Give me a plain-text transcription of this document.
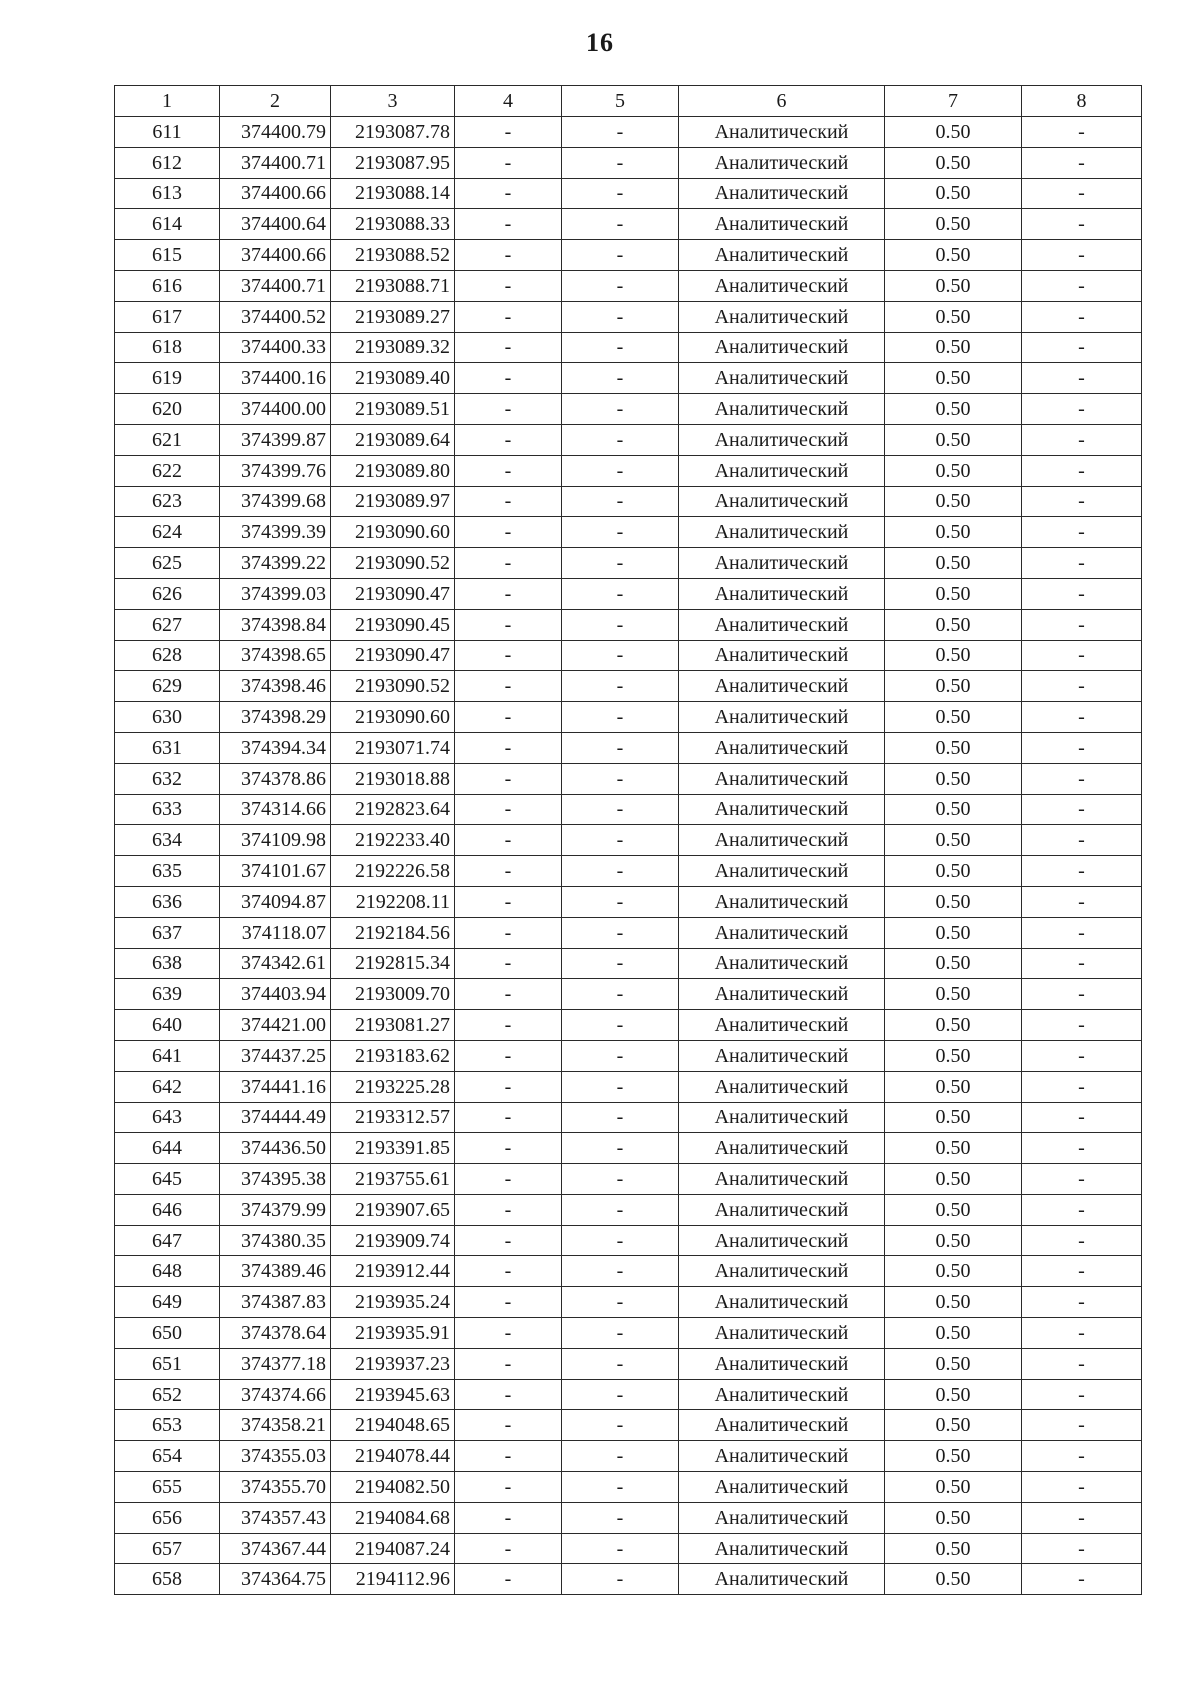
16
1	2	3	4	5	6	7	8
611	374400.79	2193087.78	-	-	Аналитический	0.50	-
612	374400.71	2193087.95	-	-	Аналитический	0.50	-
613	374400.66	2193088.14	-	-	Аналитический	0.50	-
614	374400.64	2193088.33	-	-	Аналитический	0.50	-
615	374400.66	2193088.52	-	-	Аналитический	0.50	-
616	374400.71	2193088.71	-	-	Аналитический	0.50	-
617	374400.52	2193089.27	-	-	Аналитический	0.50	-
618	374400.33	2193089.32	-	-	Аналитический	0.50	-
619	374400.16	2193089.40	-	-	Аналитический	0.50	-
620	374400.00	2193089.51	-	-	Аналитический	0.50	-
621	374399.87	2193089.64	-	-	Аналитический	0.50	-
622	374399.76	2193089.80	-	-	Аналитический	0.50	-
623	374399.68	2193089.97	-	-	Аналитический	0.50	-
624	374399.39	2193090.60	-	-	Аналитический	0.50	-
625	374399.22	2193090.52	-	-	Аналитический	0.50	-
626	374399.03	2193090.47	-	-	Аналитический	0.50	-
627	374398.84	2193090.45	-	-	Аналитический	0.50	-
628	374398.65	2193090.47	-	-	Аналитический	0.50	-
629	374398.46	2193090.52	-	-	Аналитический	0.50	-
630	374398.29	2193090.60	-	-	Аналитический	0.50	-
631	374394.34	2193071.74	-	-	Аналитический	0.50	-
632	374378.86	2193018.88	-	-	Аналитический	0.50	-
633	374314.66	2192823.64	-	-	Аналитический	0.50	-
634	374109.98	2192233.40	-	-	Аналитический	0.50	-
635	374101.67	2192226.58	-	-	Аналитический	0.50	-
636	374094.87	2192208.11	-	-	Аналитический	0.50	-
637	374118.07	2192184.56	-	-	Аналитический	0.50	-
638	374342.61	2192815.34	-	-	Аналитический	0.50	-
639	374403.94	2193009.70	-	-	Аналитический	0.50	-
640	374421.00	2193081.27	-	-	Аналитический	0.50	-
641	374437.25	2193183.62	-	-	Аналитический	0.50	-
642	374441.16	2193225.28	-	-	Аналитический	0.50	-
643	374444.49	2193312.57	-	-	Аналитический	0.50	-
644	374436.50	2193391.85	-	-	Аналитический	0.50	-
645	374395.38	2193755.61	-	-	Аналитический	0.50	-
646	374379.99	2193907.65	-	-	Аналитический	0.50	-
647	374380.35	2193909.74	-	-	Аналитический	0.50	-
648	374389.46	2193912.44	-	-	Аналитический	0.50	-
649	374387.83	2193935.24	-	-	Аналитический	0.50	-
650	374378.64	2193935.91	-	-	Аналитический	0.50	-
651	374377.18	2193937.23	-	-	Аналитический	0.50	-
652	374374.66	2193945.63	-	-	Аналитический	0.50	-
653	374358.21	2194048.65	-	-	Аналитический	0.50	-
654	374355.03	2194078.44	-	-	Аналитический	0.50	-
655	374355.70	2194082.50	-	-	Аналитический	0.50	-
656	374357.43	2194084.68	-	-	Аналитический	0.50	-
657	374367.44	2194087.24	-	-	Аналитический	0.50	-
658	374364.75	2194112.96	-	-	Аналитический	0.50	-
